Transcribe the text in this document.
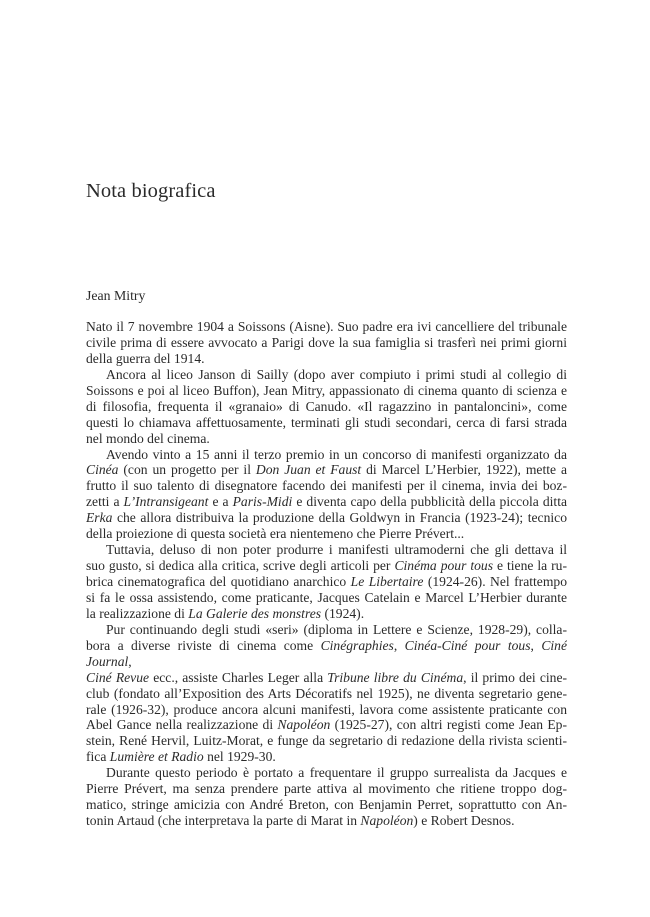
Nota biografica
Jean Mitry
Nato il 7 novembre 1904 a Soissons (Aisne). Suo padre era ivi cancelliere del tribunale
civile prima di essere avvocato a Parigi dove la sua famiglia si trasferì nei primi giorni
della guerra del 1914.
Ancora al liceo Janson di Sailly (dopo aver compiuto i primi studi al collegio di
Soissons e poi al liceo Buffon), Jean Mitry, appassionato di cinema quanto di scienza e
di filosofia, frequenta il «granaio» di Canudo. «Il ragazzino in pantaloncini», come
questi lo chiamava affettuosamente, terminati gli studi secondari, cerca di farsi strada
nel mondo del cinema.
Avendo vinto a 15 anni il terzo premio in un concorso di manifesti organizzato da
Cinéa (con un progetto per il Don Juan et Faust di Marcel L’Herbier, 1922), mette a
frutto il suo talento di disegnatore facendo dei manifesti per il cinema, invia dei boz-
zetti a L’Intransigeant e a Paris-Midi e diventa capo della pubblicità della piccola ditta
Erka che allora distribuiva la produzione della Goldwyn in Francia (1923-24); tecnico
della proiezione di questa società era nientemeno che Pierre Prévert...
Tuttavia, deluso di non poter produrre i manifesti ultramoderni che gli dettava il
suo gusto, si dedica alla critica, scrive degli articoli per Cinéma pour tous e tiene la ru-
brica cinematografica del quotidiano anarchico Le Libertaire (1924-26). Nel frattempo
si fa le ossa assistendo, come praticante, Jacques Catelain e Marcel L’Herbier durante
la realizzazione di La Galerie des monstres (1924).
Pur continuando degli studi «seri» (diploma in Lettere e Scienze, 1928-29), colla-
bora a diverse riviste di cinema come Cinégraphies, Cinéa-Ciné pour tous, Ciné Journal,
Ciné Revue ecc., assiste Charles Leger alla Tribune libre du Cinéma, il primo dei cine-
club (fondato all’Exposition des Arts Décoratifs nel 1925), ne diventa segretario gene-
rale (1926-32), produce ancora alcuni manifesti, lavora come assistente praticante con
Abel Gance nella realizzazione di Napoléon (1925-27), con altri registi come Jean Ep-
stein, René Hervil, Luitz-Morat, e funge da segretario di redazione della rivista scienti-
fica Lumière et Radio nel 1929-30.
Durante questo periodo è portato a frequentare il gruppo surrealista da Jacques e
Pierre Prévert, ma senza prendere parte attiva al movimento che ritiene troppo dog-
matico, stringe amicizia con André Breton, con Benjamin Perret, soprattutto con An-
tonin Artaud (che interpretava la parte di Marat in Napoléon) e Robert Desnos.
